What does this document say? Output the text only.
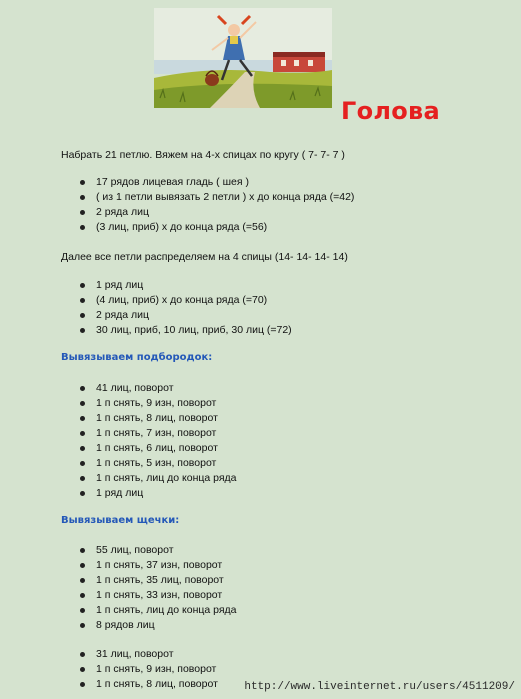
Голова

Набрать 21 петлю. Вяжем на 4-х спицах по кругу ( 7- 7- 7 )

17 рядов лицевая гладь ( шея )
( из 1 петли вывязать 2 петли ) х до конца ряда (=42)
2 ряда лиц
(3 лиц, приб) х до конца ряда (=56)

Далее все петли распределяем на 4 спицы (14- 14- 14- 14)

1 ряд лиц
(4 лиц, приб) х до конца ряда (=70)
2 ряда лиц
30 лиц, приб, 10 лиц, приб, 30 лиц (=72)

Вывязываем подбородок:

41 лиц, поворот
1 п снять, 9 изн, поворот
1 п снять, 8 лиц, поворот
1 п снять, 7 изн, поворот
1 п снять, 6 лиц, поворот
1 п снять, 5 изн, поворот
1 п снять, лиц до конца ряда
1 ряд лиц

Вывязываем щечки:

55 лиц, поворот
1 п снять, 37 изн, поворот
1 п снять, 35 лиц, поворот
1 п снять, 33 изн, поворот
1 п снять, лиц до конца ряда
8 рядов лиц
31 лиц, поворот
1 п снять, 9 изн, поворот
1 п снять, 8 лиц, поворот http://www.liveinternet.ru/users/4511209/
